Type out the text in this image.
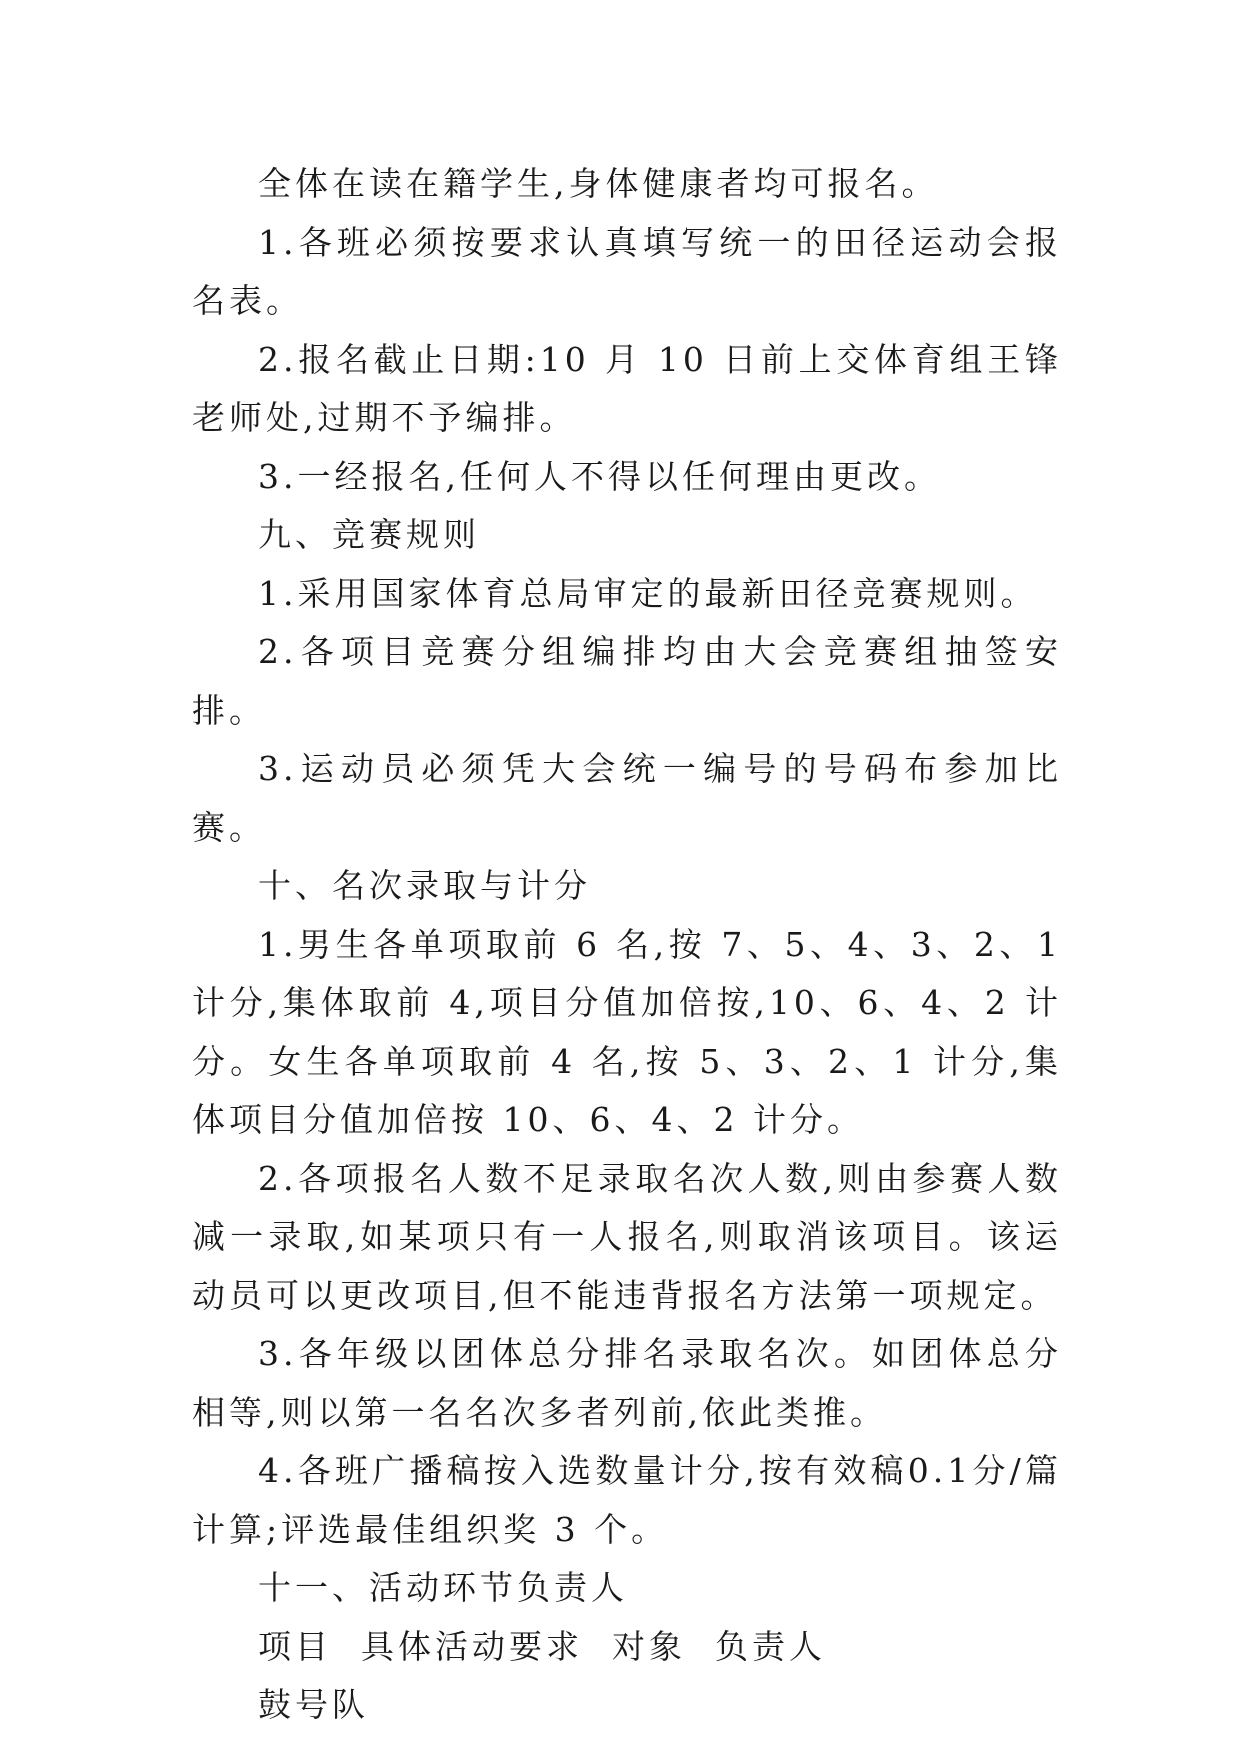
全体在读在籍学生,身体健康者均可报名。

1.各班必须按要求认真填写统一的田径运动会报名表。

2.报名截止日期:10 月 10 日前上交体育组王锋老师处,过期不予编排。

3.一经报名,任何人不得以任何理由更改。

九、竞赛规则

1.采用国家体育总局审定的最新田径竞赛规则。

2.各项目竞赛分组编排均由大会竞赛组抽签安排。

3.运动员必须凭大会统一编号的号码布参加比赛。

十、名次录取与计分

1.男生各单项取前 6 名,按 7、5、4、3、2、1 计分,集体取前 4,项目分值加倍按,10、6、4、2 计分。女生各单项取前 4 名,按 5、3、2、1 计分,集体项目分值加倍按 10、6、4、2 计分。

2.各项报名人数不足录取名次人数,则由参赛人数减一录取,如某项只有一人报名,则取消该项目。该运动员可以更改项目,但不能违背报名方法第一项规定。

3.各年级以团体总分排名录取名次。如团体总分相等,则以第一名名次多者列前,依此类推。

4.各班广播稿按入选数量计分,按有效稿0.1分/篇计算;评选最佳组织奖 3 个。

十一、活动环节负责人

项目  具体活动要求  对象  负责人

鼓号队
